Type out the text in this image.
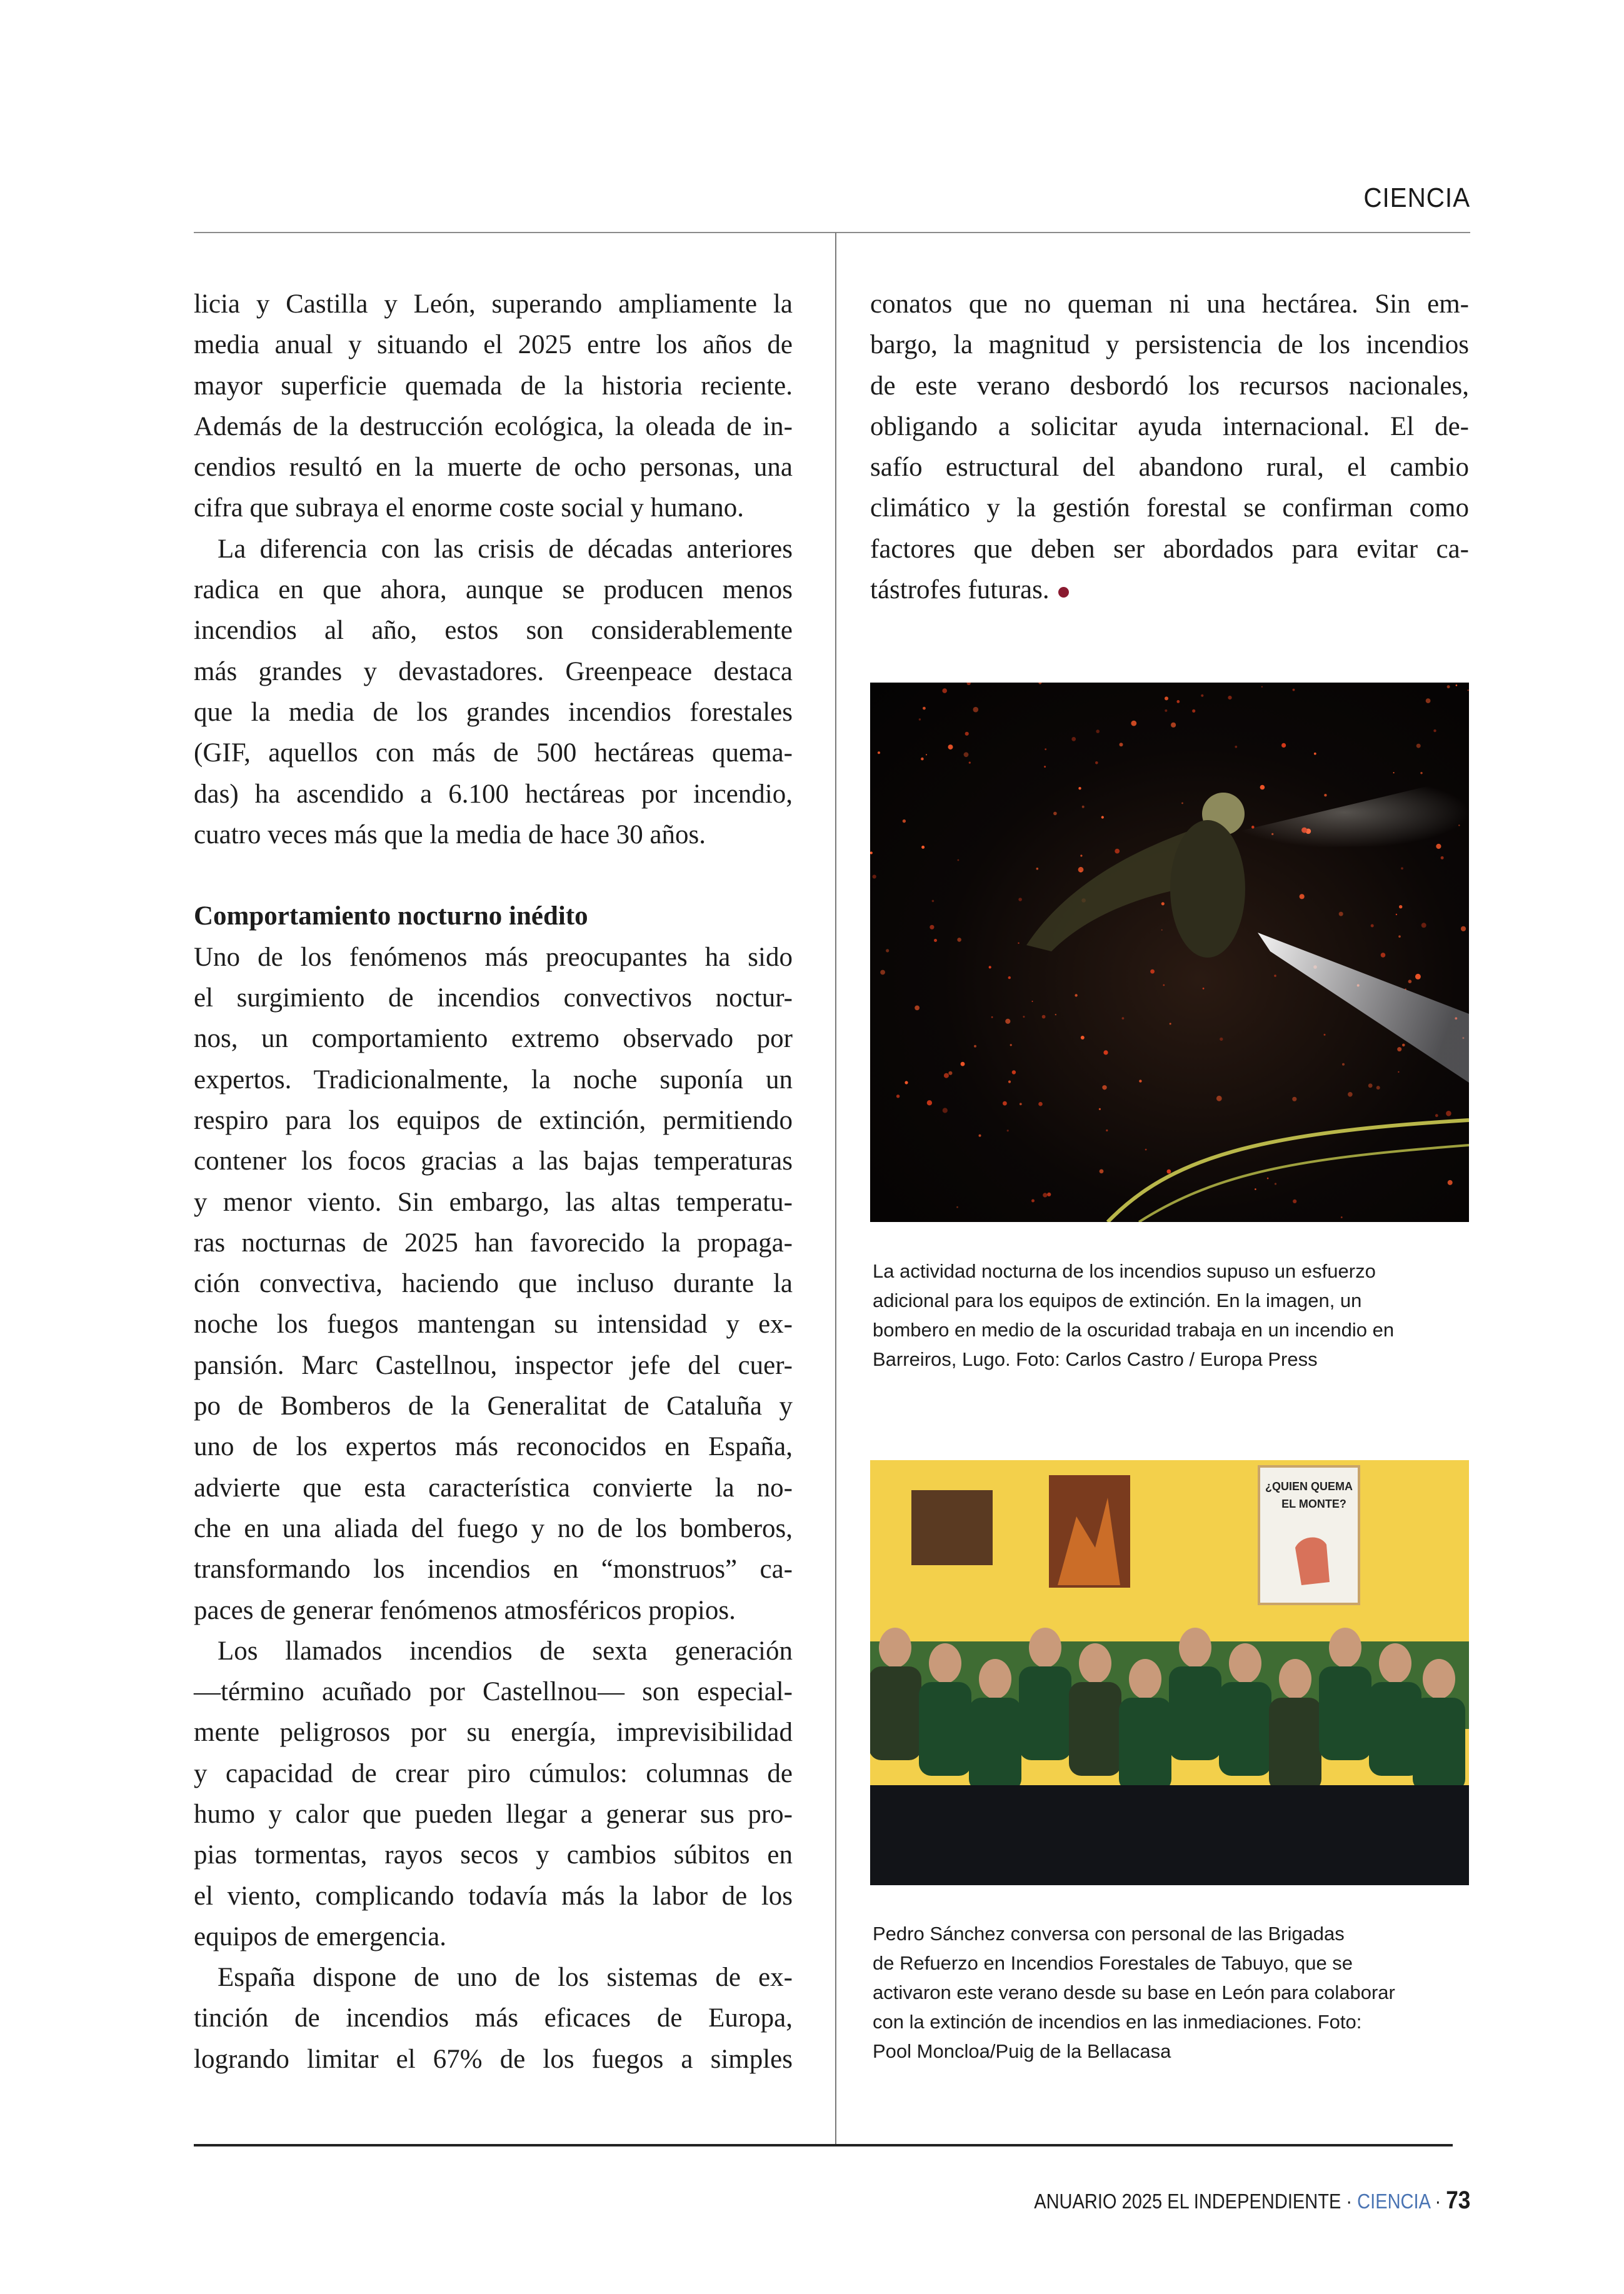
CIENCIA
licia y Castilla y León, superando ampliamente la
media anual y situando el 2025 entre los años de
mayor superficie quemada de la historia reciente.
Además de la destrucción ecológica, la oleada de in-
cendios resultó en la muerte de ocho personas, una
cifra que subraya el enorme coste social y humano.
La diferencia con las crisis de décadas anteriores
radica en que ahora, aunque se producen menos
incendios al año, estos son considerablemente
más grandes y devastadores. Greenpeace destaca
que la media de los grandes incendios forestales
(GIF, aquellos con más de 500 hectáreas quema-
das) ha ascendido a 6.100 hectáreas por incendio,
cuatro veces más que la media de hace 30 años.
Comportamiento nocturno inédito
Uno de los fenómenos más preocupantes ha sido
el surgimiento de incendios convectivos noctur-
nos, un comportamiento extremo observado por
expertos. Tradicionalmente, la noche suponía un
respiro para los equipos de extinción, permitiendo
contener los focos gracias a las bajas temperaturas
y menor viento. Sin embargo, las altas temperatu-
ras nocturnas de 2025 han favorecido la propaga-
ción convectiva, haciendo que incluso durante la
noche los fuegos mantengan su intensidad y ex-
pansión. Marc Castellnou, inspector jefe del cuer-
po de Bomberos de la Generalitat de Cataluña y
uno de los expertos más reconocidos en España,
advierte que esta característica convierte la no-
che en una aliada del fuego y no de los bomberos,
transformando los incendios en “monstruos” ca-
paces de generar fenómenos atmosféricos propios.
Los llamados incendios de sexta generación
—término acuñado por Castellnou— son especial-
mente peligrosos por su energía, imprevisibilidad
y capacidad de crear piro cúmulos: columnas de
humo y calor que pueden llegar a generar sus pro-
pias tormentas, rayos secos y cambios súbitos en
el viento, complicando todavía más la labor de los
equipos de emergencia.
España dispone de uno de los sistemas de ex-
tinción de incendios más eficaces de Europa,
logrando limitar el 67% de los fuegos a simples
conatos que no queman ni una hectárea. Sin em-
bargo, la magnitud y persistencia de los incendios
de este verano desbordó los recursos nacionales,
obligando a solicitar ayuda internacional. El de-
safío estructural del abandono rural, el cambio
climático y la gestión forestal se confirman como
factores que deben ser abordados para evitar ca-
tástrofes futuras.
La actividad nocturna de los incendios supuso un esfuerzo
adicional para los equipos de extinción. En la imagen, un
bombero en medio de la oscuridad trabaja en un incendio en
Barreiros, Lugo. Foto: Carlos Castro / Europa Press
¿QUIEN QUEMA
EL MONTE?
Pedro Sánchez conversa con personal de las Brigadas
de Refuerzo en Incendios Forestales de Tabuyo, que se
activaron este verano desde su base en León para colaborar
con la extinción de incendios en las inmediaciones. Foto:
Pool Moncloa/Puig de la Bellacasa
ANUARIO 2025 EL INDEPENDIENTE · CIENCIA · 73
